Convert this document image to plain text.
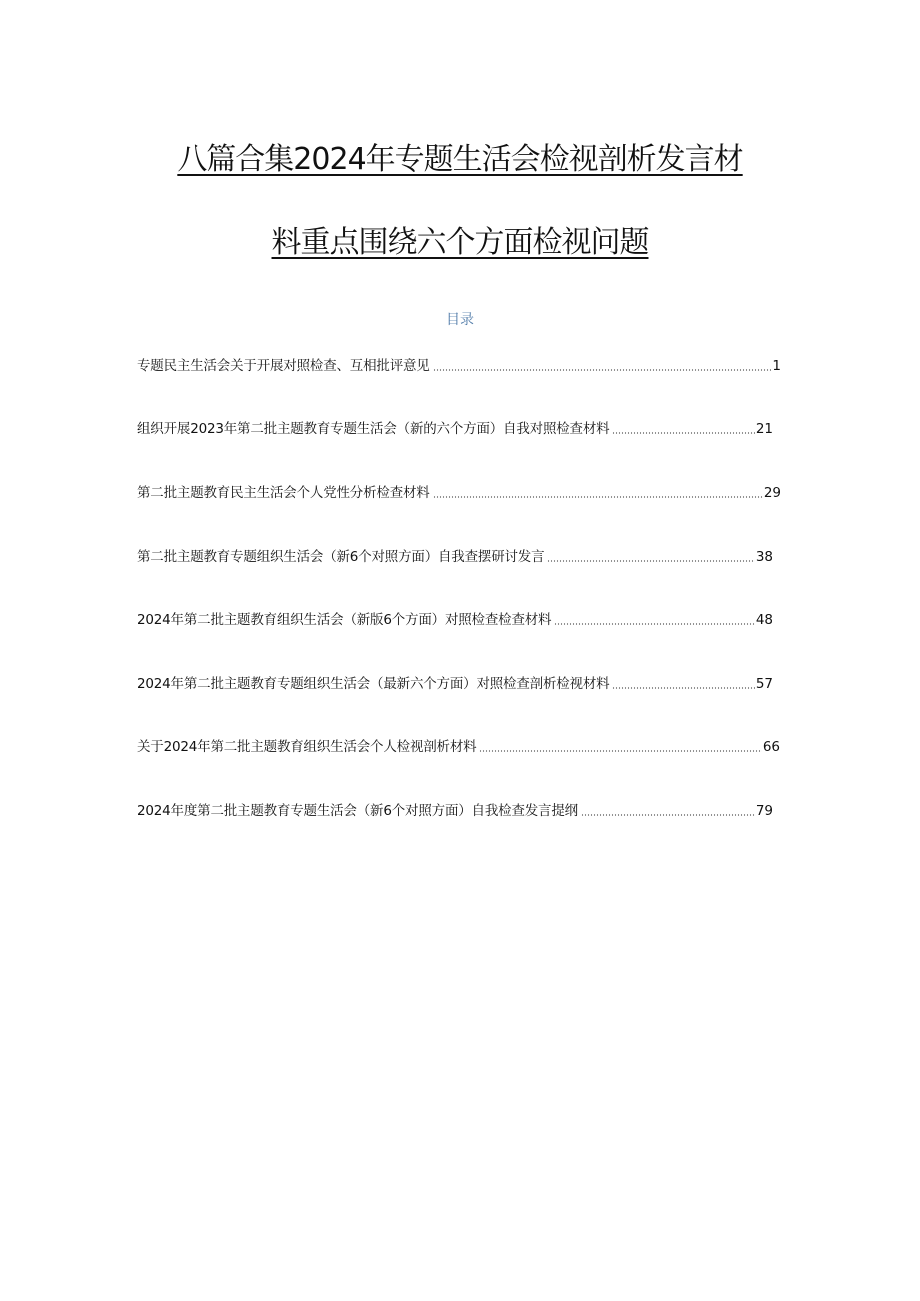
八篇合集2024年专题生活会检视剖析发言材
料重点围绕六个方面检视问题
目录
专题民主生活会关于开展对照检查、互相批评意见	1
组织开展2023年第二批主题教育专题生活会（新的六个方面）自我对照检查材料	21
第二批主题教育民主生活会个人党性分析检查材料	29
第二批主题教育专题组织生活会（新6个对照方面）自我查摆研讨发言	38
2024年第二批主题教育组织生活会（新版6个方面）对照检查检查材料	48
2024年第二批主题教育专题组织生活会（最新六个方面）对照检查剖析检视材料	57
关于2024年第二批主题教育组织生活会个人检视剖析材料	66
2024年度第二批主题教育专题生活会（新6个对照方面）自我检查发言提纲	79
